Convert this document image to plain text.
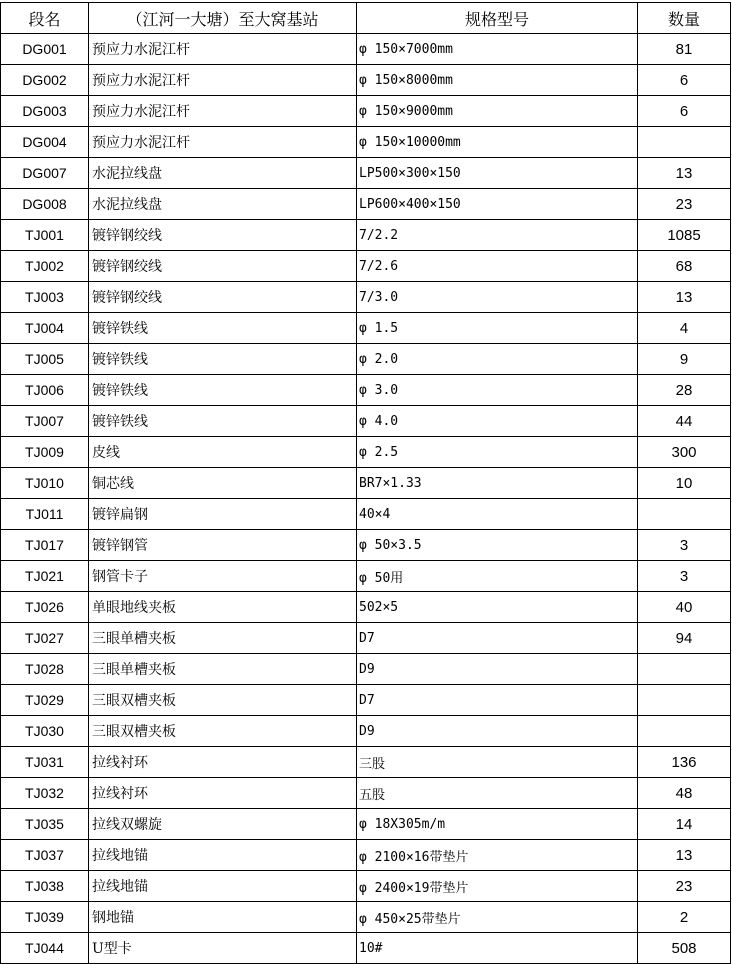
段名	（江河一大塘）至大窝基站	规格型号	数量
DG001	预应力水泥江杆	φ 150×7000mm	81
DG002	预应力水泥江杆	φ 150×8000mm	6
DG003	预应力水泥江杆	φ 150×9000mm	6
DG004	预应力水泥江杆	φ 150×10000mm	
DG007	水泥拉线盘	LP500×300×150	13
DG008	水泥拉线盘	LP600×400×150	23
TJ001	镀锌钢绞线	7/2.2	1085
TJ002	镀锌钢绞线	7/2.6	68
TJ003	镀锌钢绞线	7/3.0	13
TJ004	镀锌铁线	φ 1.5	4
TJ005	镀锌铁线	φ 2.0	9
TJ006	镀锌铁线	φ 3.0	28
TJ007	镀锌铁线	φ 4.0	44
TJ009	皮线	φ 2.5	300
TJ010	铜芯线	BR7×1.33	10
TJ011	镀锌扁钢	40×4	
TJ017	镀锌钢管	φ 50×3.5	3
TJ021	钢管卡子	φ 50用	3
TJ026	单眼地线夹板	502×5	40
TJ027	三眼单槽夹板	D7	94
TJ028	三眼单槽夹板	D9	
TJ029	三眼双槽夹板	D7	
TJ030	三眼双槽夹板	D9	
TJ031	拉线衬环	三股	136
TJ032	拉线衬环	五股	48
TJ035	拉线双螺旋	φ 18X305m/m	14
TJ037	拉线地锚	φ 2100×16带垫片	13
TJ038	拉线地锚	φ 2400×19带垫片	23
TJ039	钢地锚	φ 450×25带垫片	2
TJ044	U型卡	10#	508
